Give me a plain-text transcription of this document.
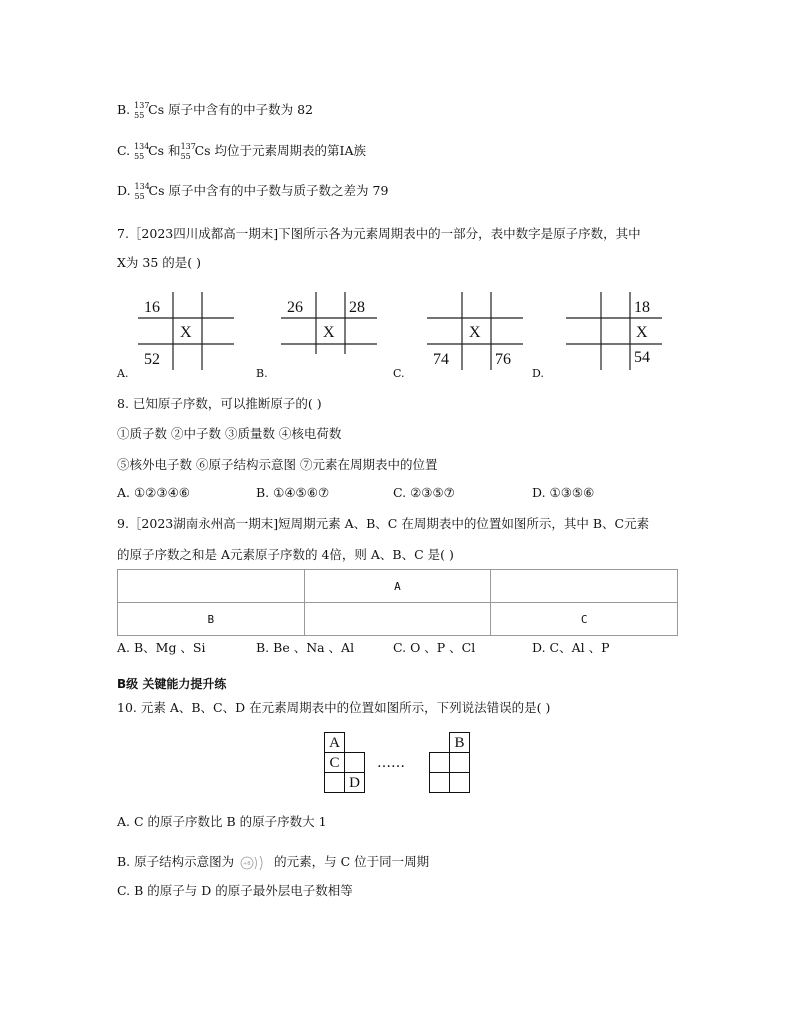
B. 137
55 Cs 原子中含有的中子数为 82
C. 134
55 Cs 和 137
55 Cs 均位于元素周期表的第ⅠA族
D. 134
55 Cs 原子中含有的中子数与质子数之差为 79
7.［2023四川成都高一期末]下图所示各为元素周期表中的一部分，表中数字是原子序数，其中
X为 35 的是( )
16
X
52
A.
26	28
X
B.
X
74	76
C.
18
X
54
D.
8. 已知原子序数，可以推断原子的( )
①质子数 ②中子数 ③质量数 ④核电荷数
⑤核外电子数 ⑥原子结构示意图 ⑦元素在周期表中的位置
A. ①②③④⑥	B. ①④⑤⑥⑦	C. ②③⑤⑦	D. ①③⑤⑥
9.［2023湖南永州高一期末]短周期元素 A、B、C 在周期表中的位置如图所示，其中 B、C元素
的原子序数之和是 A元素原子序数的 4倍，则 A、B、C 是( )
	A	
B		C
A. B、Mg 、Si	B. Be 、Na 、Al	C. O 、P 、Cl	D. C、Al 、P
B级 关键能力提升练
10. 元素 A、B、C、D 在元素周期表中的位置如图所示，下列说法错误的是( )
A
C
D
……
B
A. C 的原子序数比 B 的原子序数大 1
B. 原子结构示意图为 +8 的元素，与 C 位于同一周期
C. B 的原子与 D 的原子最外层电子数相等
